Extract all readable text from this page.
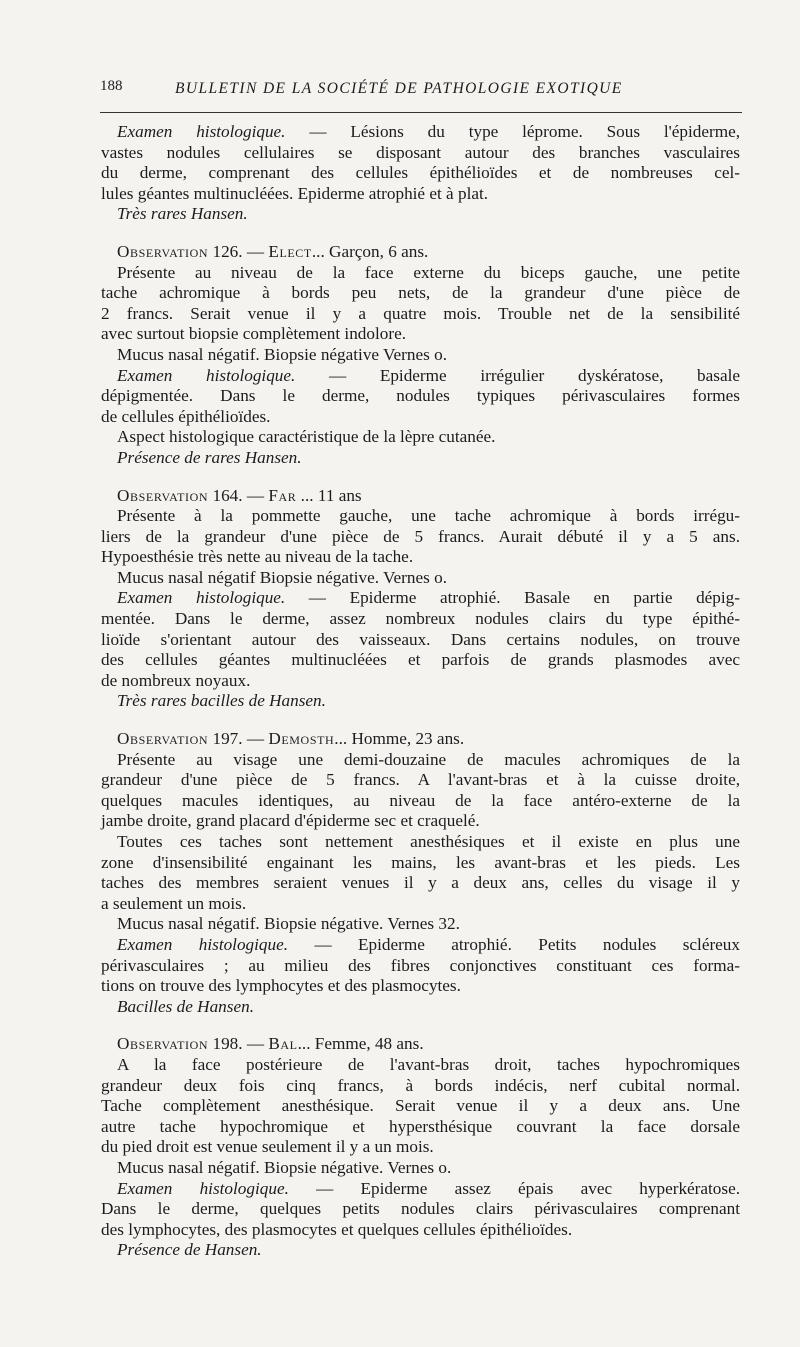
188	BULLETIN DE LA SOCIÉTÉ DE PATHOLOGIE EXOTIQUE
Examen histologique. — Lésions du type léprome. Sous l'épiderme,
vastes nodules cellulaires se disposant autour des branches vasculaires
du derme, comprenant des cellules épithélioïdes et de nombreuses cel-
lules géantes multinucléées. Epiderme atrophié et à plat.
Très rares Hansen.
Observation 126. — Elect... Garçon, 6 ans.
Présente au niveau de la face externe du biceps gauche, une petite
tache achromique à bords peu nets, de la grandeur d'une pièce de
2 francs. Serait venue il y a quatre mois. Trouble net de la sensibilité
avec surtout biopsie complètement indolore.
Mucus nasal négatif. Biopsie négative Vernes o.
Examen histologique. — Epiderme irrégulier dyskératose, basale
dépigmentée. Dans le derme, nodules typiques périvasculaires formes
de cellules épithélioïdes.
Aspect histologique caractéristique de la lèpre cutanée.
Présence de rares Hansen.
Observation 164. — Far ... 11 ans
Présente à la pommette gauche, une tache achromique à bords irrégu-
liers de la grandeur d'une pièce de 5 francs. Aurait débuté il y a 5 ans.
Hypoesthésie très nette au niveau de la tache.
Mucus nasal négatif Biopsie négative. Vernes o.
Examen histologique. — Epiderme atrophié. Basale en partie dépig-
mentée. Dans le derme, assez nombreux nodules clairs du type épithé-
lioïde s'orientant autour des vaisseaux. Dans certains nodules, on trouve
des cellules géantes multinucléées et parfois de grands plasmodes avec
de nombreux noyaux.
Très rares bacilles de Hansen.
Observation 197. — Demosth... Homme, 23 ans.
Présente au visage une demi-douzaine de macules achromiques de la
grandeur d'une pièce de 5 francs. A l'avant-bras et à la cuisse droite,
quelques macules identiques, au niveau de la face antéro-externe de la
jambe droite, grand placard d'épiderme sec et craquelé.
Toutes ces taches sont nettement anesthésiques et il existe en plus une
zone d'insensibilité engainant les mains, les avant-bras et les pieds. Les
taches des membres seraient venues il y a deux ans, celles du visage il y
a seulement un mois.
Mucus nasal négatif. Biopsie négative. Vernes 32.
Examen histologique. — Epiderme atrophié. Petits nodules scléreux
périvasculaires ; au milieu des fibres conjonctives constituant ces forma-
tions on trouve des lymphocytes et des plasmocytes.
Bacilles de Hansen.
Observation 198. — Bal... Femme, 48 ans.
A la face postérieure de l'avant-bras droit, taches hypochromiques
grandeur deux fois cinq francs, à bords indécis, nerf cubital normal.
Tache complètement anesthésique. Serait venue il y a deux ans. Une
autre tache hypochromique et hypersthésique couvrant la face dorsale
du pied droit est venue seulement il y a un mois.
Mucus nasal négatif. Biopsie négative. Vernes o.
Examen histologique. — Epiderme assez épais avec hyperkératose.
Dans le derme, quelques petits nodules clairs périvasculaires comprenant
des lymphocytes, des plasmocytes et quelques cellules épithélioïdes.
Présence de Hansen.
